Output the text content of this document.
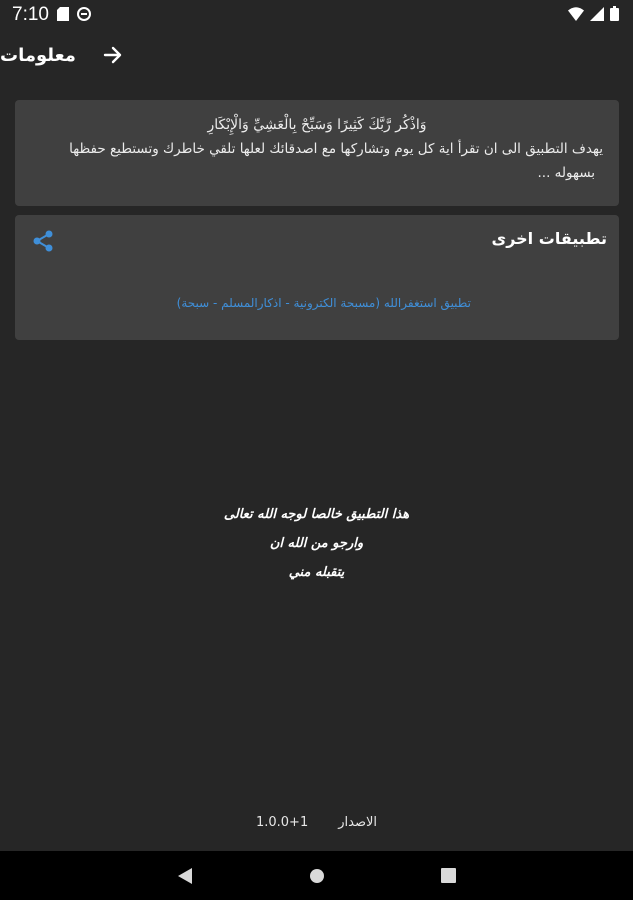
7:10
معلومات
وَاذْكُر رَّبَّكَ كَثِيرًا وَسَبِّحْ بِالْعَشِيِّ وَالْإِبْكَارِ
يهدف التطبيق الى ان تقرأ اية كل يوم وتشاركها مع اصدقائك لعلها تلقي خاطرك وتستطيع حفظها
بسهوله ...
تطبيقات اخرى
تطبيق استغفرالله (مسبحة الكترونية - اذكارالمسلم - سبحة)
هذا التطبيق خالصا لوجه الله تعالى
وارجو من الله ان
يتقبله مني
1.0.0+1 الاصدار
